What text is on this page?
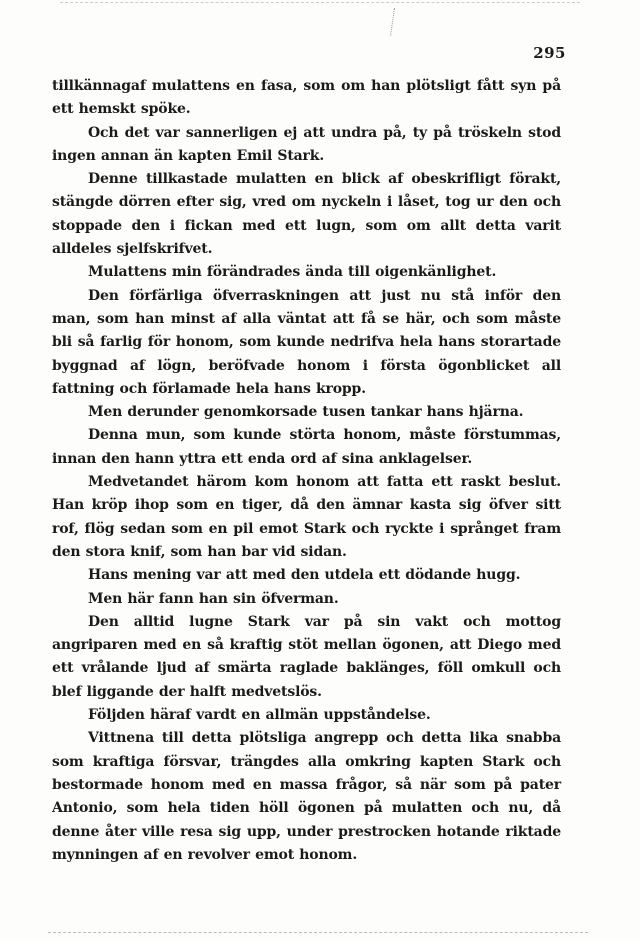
295

tillkännagaf mulattens en fasa, som om han plötsligt fått syn på ett hemskt spöke.

Och det var sannerligen ej att undra på, ty på tröskeln stod ingen annan än kapten Emil Stark.

Denne tillkastade mulatten en blick af obeskrifligt förakt, stängde dörren efter sig, vred om nyckeln i låset, tog ur den och stoppade den i fickan med ett lugn, som om allt detta varit alldeles sjelfskrifvet.

Mulattens min förändrades ända till oigenkänlighet.

Den förfärliga öfverraskningen att just nu stå inför den man, som han minst af alla väntat att få se här, och som måste bli så farlig för honom, som kunde nedrifva hela hans storartade byggnad af lögn, beröfvade honom i första ögonblicket all fattning och förlamade hela hans kropp.

Men derunder genomkorsade tusen tankar hans hjärna.

Denna mun, som kunde störta honom, måste förstummas, innan den hann yttra ett enda ord af sina anklagelser.

Medvetandet härom kom honom att fatta ett raskt beslut. Han kröp ihop som en tiger, då den ämnar kasta sig öfver sitt rof, flög sedan som en pil emot Stark och ryckte i språnget fram den stora knif, som han bar vid sidan.

Hans mening var att med den utdela ett dödande hugg.

Men här fann han sin öfverman.

Den alltid lugne Stark var på sin vakt och mottog angriparen med en så kraftig stöt mellan ögonen, att Diego med ett vrålande ljud af smärta raglade baklänges, föll omkull och blef liggande der halft medvetslös.

Följden häraf vardt en allmän uppståndelse.

Vittnena till detta plötsliga angrepp och detta lika snabba som kraftiga försvar, trängdes alla omkring kapten Stark och bestormade honom med en massa frågor, så när som på pater Antonio, som hela tiden höll ögonen på mulatten och nu, då denne åter ville resa sig upp, under prestrocken hotande riktade mynningen af en revolver emot honom.
